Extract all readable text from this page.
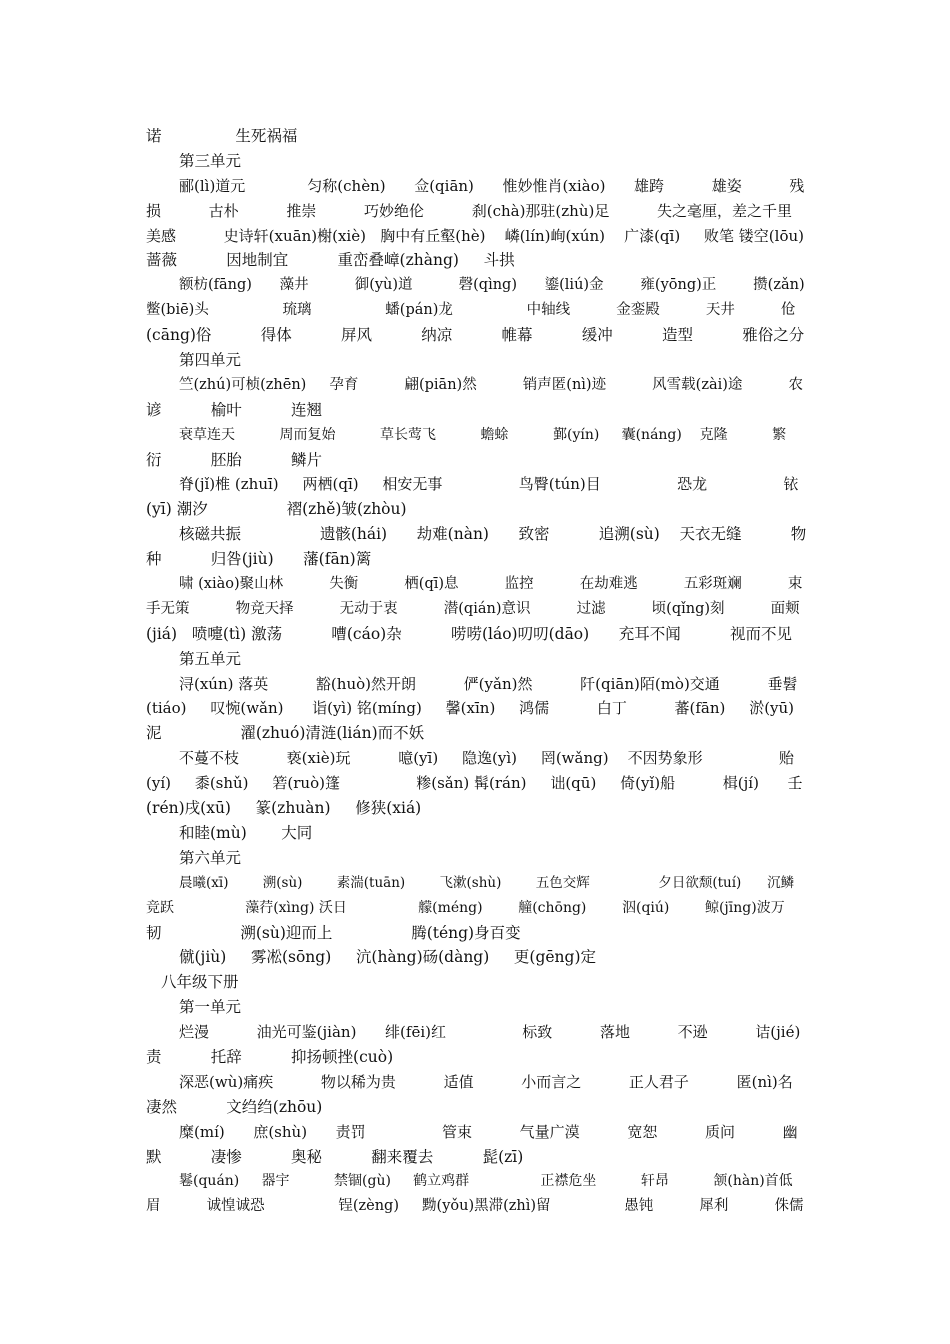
诺               生死祸福
第三单元
郦(lì)道元             匀称(chèn)      佥(qiān)      惟妙惟肖(xiào)      雄跨          雄姿          残
损          古朴          推崇          巧妙绝伦          刹(chà)那驻(zhù)足          失之毫厘，差之千里
美感          史诗轩(xuān)榭(xiè)   胸中有丘壑(hè)    嶙(lín)峋(xún)    广漆(qī)     败笔 镂空(lōu)
蔷薇          因地制宜          重峦叠嶂(zhàng)     斗拱
额枋(fāng)      藻井          御(yù)道          磬(qìng)      鎏(liú)金        雍(yōng)正        攒(zǎn)
鳖(biē)头                琉璃                蟠(pán)龙                中轴线          金銮殿          天井          伧
(cāng)俗          得体          屏风          纳凉          帷幕          缓冲          造型          雅俗之分
第四单元
竺(zhú)可桢(zhēn)     孕育          翩(piān)然          销声匿(nì)迹          风雪载(zài)途          农
谚          榆叶          连翘
衰草连天          周而复始          草长莺飞          蟾蜍          鄞(yín)     囊(náng)    克隆          繁
衍          胚胎          鳞片
脊(jǐ)椎 (zhuī)     两栖(qī)     相安无事                鸟臀(tún)目                恐龙                铱
(yī) 潮汐                褶(zhě)皱(zhòu)
核磁共振                遗骸(hái)      劫难(nàn)      致密          追溯(sù)    天衣无缝          物
种          归咎(jiù)      藩(fān)篱
啸 (xiào)聚山林          失衡          栖(qī)息          监控          在劫难逃          五彩斑斓          束
手无策          物竞天择          无动于衷          潜(qián)意识          过滤          顷(qǐng)刻          面颊
(jiá)   喷嚏(tì) 激荡          嘈(cáo)杂          唠唠(láo)叨叨(dāo)      充耳不闻          视而不见
第五单元
浔(xún) 落英          豁(huò)然开朗          俨(yǎn)然          阡(qiān)陌(mò)交通          垂髫
(tiáo)     叹惋(wǎn)      诣(yì) 铭(míng)     馨(xīn)     鸿儒          白丁          蕃(fān)     淤(yū)
泥                濯(zhuó)清涟(lián)而不妖
不蔓不枝          亵(xiè)玩          噫(yī)     隐逸(yì)     罔(wǎng)    不因势象形                贻
(yí)     黍(shǔ)     箬(ruò)篷                糁(sǎn) 髯(rán)     诎(qū)     倚(yǐ)船          楫(jí)      壬
(rén)戌(xū)     篆(zhuàn)     修狭(xiá)
和睦(mù)       大同
第六单元
晨曦(xī)        溯(sù)        素湍(tuān)        飞漱(shù)        五色交辉                夕日欲颓(tuí)      沉鳞
竞跃                藻荇(xìng) 沃日                艨(méng)        艟(chōng)        泅(qiú)        鲸(jīng)波万
韧                溯(sù)迎而上                腾(téng)身百变
僦(jiù)     雾凇(sōng)     沆(hàng)砀(dàng)     更(gēng)定
八年级下册
第一单元
烂漫          油光可鉴(jiàn)      绯(fēi)红                标致          落地          不逊          诘(jié)
责          托辞          抑扬顿挫(cuò)
深恶(wù)痛疾          物以稀为贵          适值          小而言之          正人君子          匿(nì)名
凄然          文绉绉(zhōu)
糜(mí)      庶(shù)      责罚                管束          气量广漠          宽恕          质问          幽
默          凄惨          奥秘          翻来覆去          髭(zī)
鬈(quán)     器宇          禁锢(gù)     鹤立鸡群                正襟危坐          轩昂          颔(hàn)首低
眉          诚惶诚恐                锃(zèng)     黝(yǒu)黑滞(zhì)留                愚钝          犀利          侏儒
